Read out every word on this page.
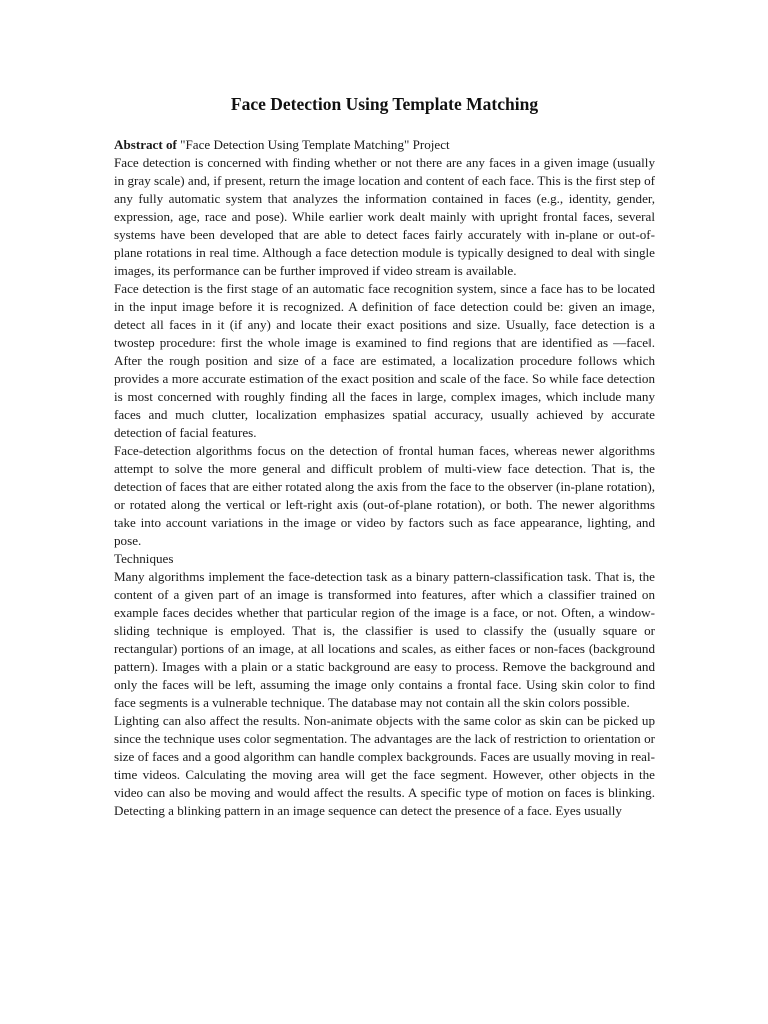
Face Detection Using Template Matching

Abstract of "Face Detection Using Template Matching" Project

Face detection is concerned with finding whether or not there are any faces in a given image (usually in gray scale) and, if present, return the image location and content of each face. This is the first step of any fully automatic system that analyzes the information contained in faces (e.g., identity, gender, expression, age, race and pose). While earlier work dealt mainly with upright frontal faces, several systems have been developed that are able to detect faces fairly accurately with in-plane or out-of-plane rotations in real time. Although a face detection module is typically designed to deal with single images, its performance can be further improved if video stream is available.

Face detection is the first stage of an automatic face recognition system, since a face has to be located in the input image before it is recognized. A definition of face detection could be: given an image, detect all faces in it (if any) and locate their exact positions and size. Usually, face detection is a twostep procedure: first the whole image is examined to find regions that are identified as —face‖. After the rough position and size of a face are estimated, a localization procedure follows which provides a more accurate estimation of the exact position and scale of the face. So while face detection is most concerned with roughly finding all the faces in large, complex images, which include many faces and much clutter, localization emphasizes spatial accuracy, usually achieved by accurate detection of facial features.

Face-detection algorithms focus on the detection of frontal human faces, whereas newer algorithms attempt to solve the more general and difficult problem of multi-view face detection. That is, the detection of faces that are either rotated along the axis from the face to the observer (in-plane rotation), or rotated along the vertical or left-right axis (out-of-plane rotation), or both. The newer algorithms take into account variations in the image or video by factors such as face appearance, lighting, and pose.

Techniques

Many algorithms implement the face-detection task as a binary pattern-classification task. That is, the content of a given part of an image is transformed into features, after which a classifier trained on example faces decides whether that particular region of the image is a face, or not. Often, a window-sliding technique is employed. That is, the classifier is used to classify the (usually square or rectangular) portions of an image, at all locations and scales, as either faces or non-faces (background pattern). Images with a plain or a static background are easy to process. Remove the background and only the faces will be left, assuming the image only contains a frontal face. Using skin color to find face segments is a vulnerable technique. The database may not contain all the skin colors possible.

Lighting can also affect the results. Non-animate objects with the same color as skin can be picked up since the technique uses color segmentation. The advantages are the lack of restriction to orientation or size of faces and a good algorithm can handle complex backgrounds. Faces are usually moving in real-time videos. Calculating the moving area will get the face segment. However, other objects in the video can also be moving and would affect the results. A specific type of motion on faces is blinking. Detecting a blinking pattern in an image sequence can detect the presence of a face. Eyes usually
